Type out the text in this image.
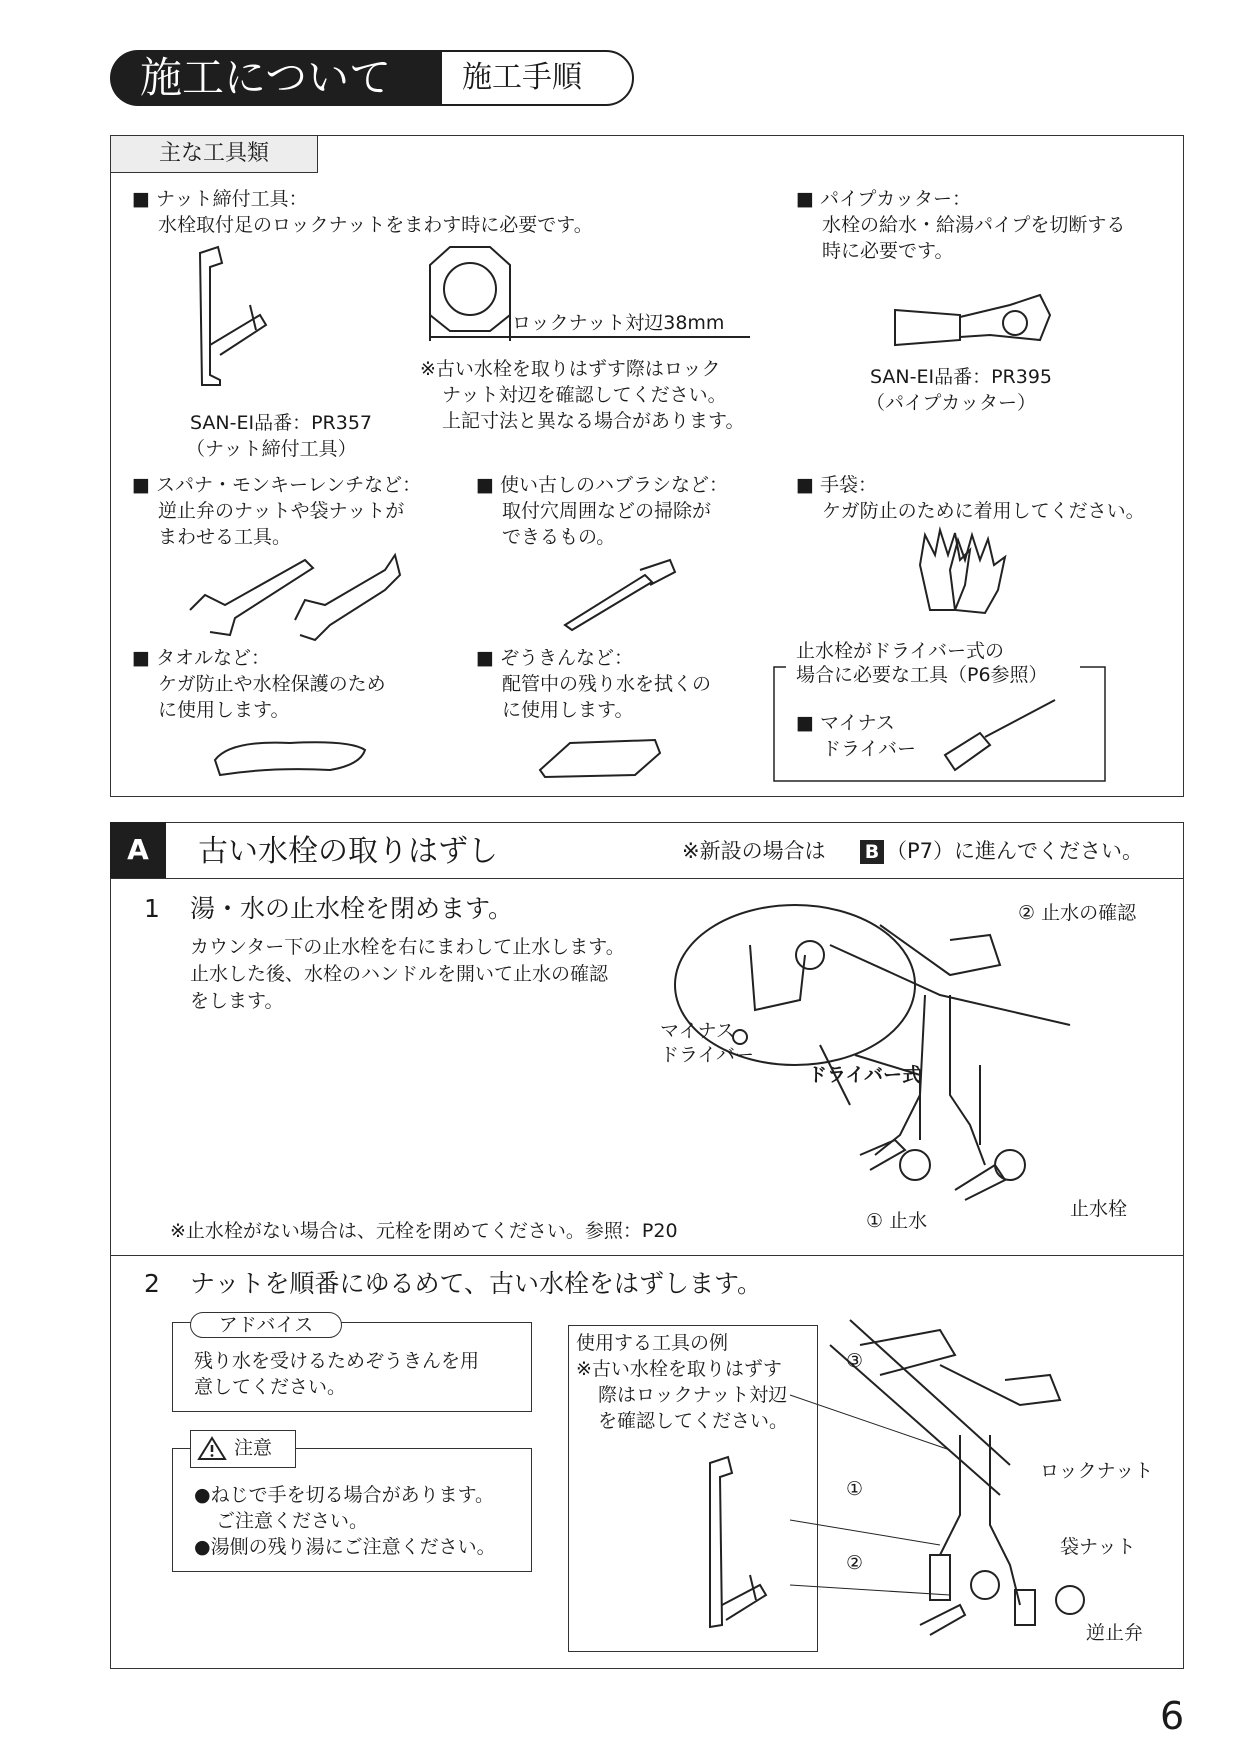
施工について	施工手順
主な工具類
■ ナット締付工具：
水栓取付足のロックナットをまわす時に必要です。
ロックナット対辺38mm
※古い水栓を取りはずす際はロック
ナット対辺を確認してください。
上記寸法と異なる場合があります。
SAN-EI品番：PR357
（ナット締付工具）
■ パイプカッター：
水栓の給水・給湯パイプを切断する
時に必要です。
SAN-EI品番：PR395
（パイプカッター）
■ スパナ・モンキーレンチなど：
逆止弁のナットや袋ナットが
まわせる工具。
■ 使い古しのハブラシなど：
取付穴周囲などの掃除が
できるもの。
■ 手袋：
ケガ防止のために着用してください。
■ タオルなど：
ケガ防止や水栓保護のため
に使用します。
■ ぞうきんなど：
配管中の残り水を拭くの
に使用します。
止水栓がドライバー式の
場合に必要な工具（P6参照）
■ マイナス
ドライバー
A	古い水栓の取りはずし	※新設の場合は B （P7）に進んでください。
1 湯・水の止水栓を閉めます。
カウンター下の止水栓を右にまわして止水します。
止水した後、水栓のハンドルを開いて止水の確認
をします。
※止水栓がない場合は、元栓を閉めてください。参照：P20
② 止水の確認
マイナス
ドライバー
ドライバー式
① 止水
止水栓
2 ナットを順番にゆるめて、古い水栓をはずします。
アドバイス
残り水を受けるためぞうきんを用
意してください。
注意
●ねじで手を切る場合があります。
ご注意ください。
●湯側の残り湯にご注意ください。
使用する工具の例
※古い水栓を取りはずす
際はロックナット対辺
を確認してください。
③
①
②
ロックナット
袋ナット
逆止弁
6
